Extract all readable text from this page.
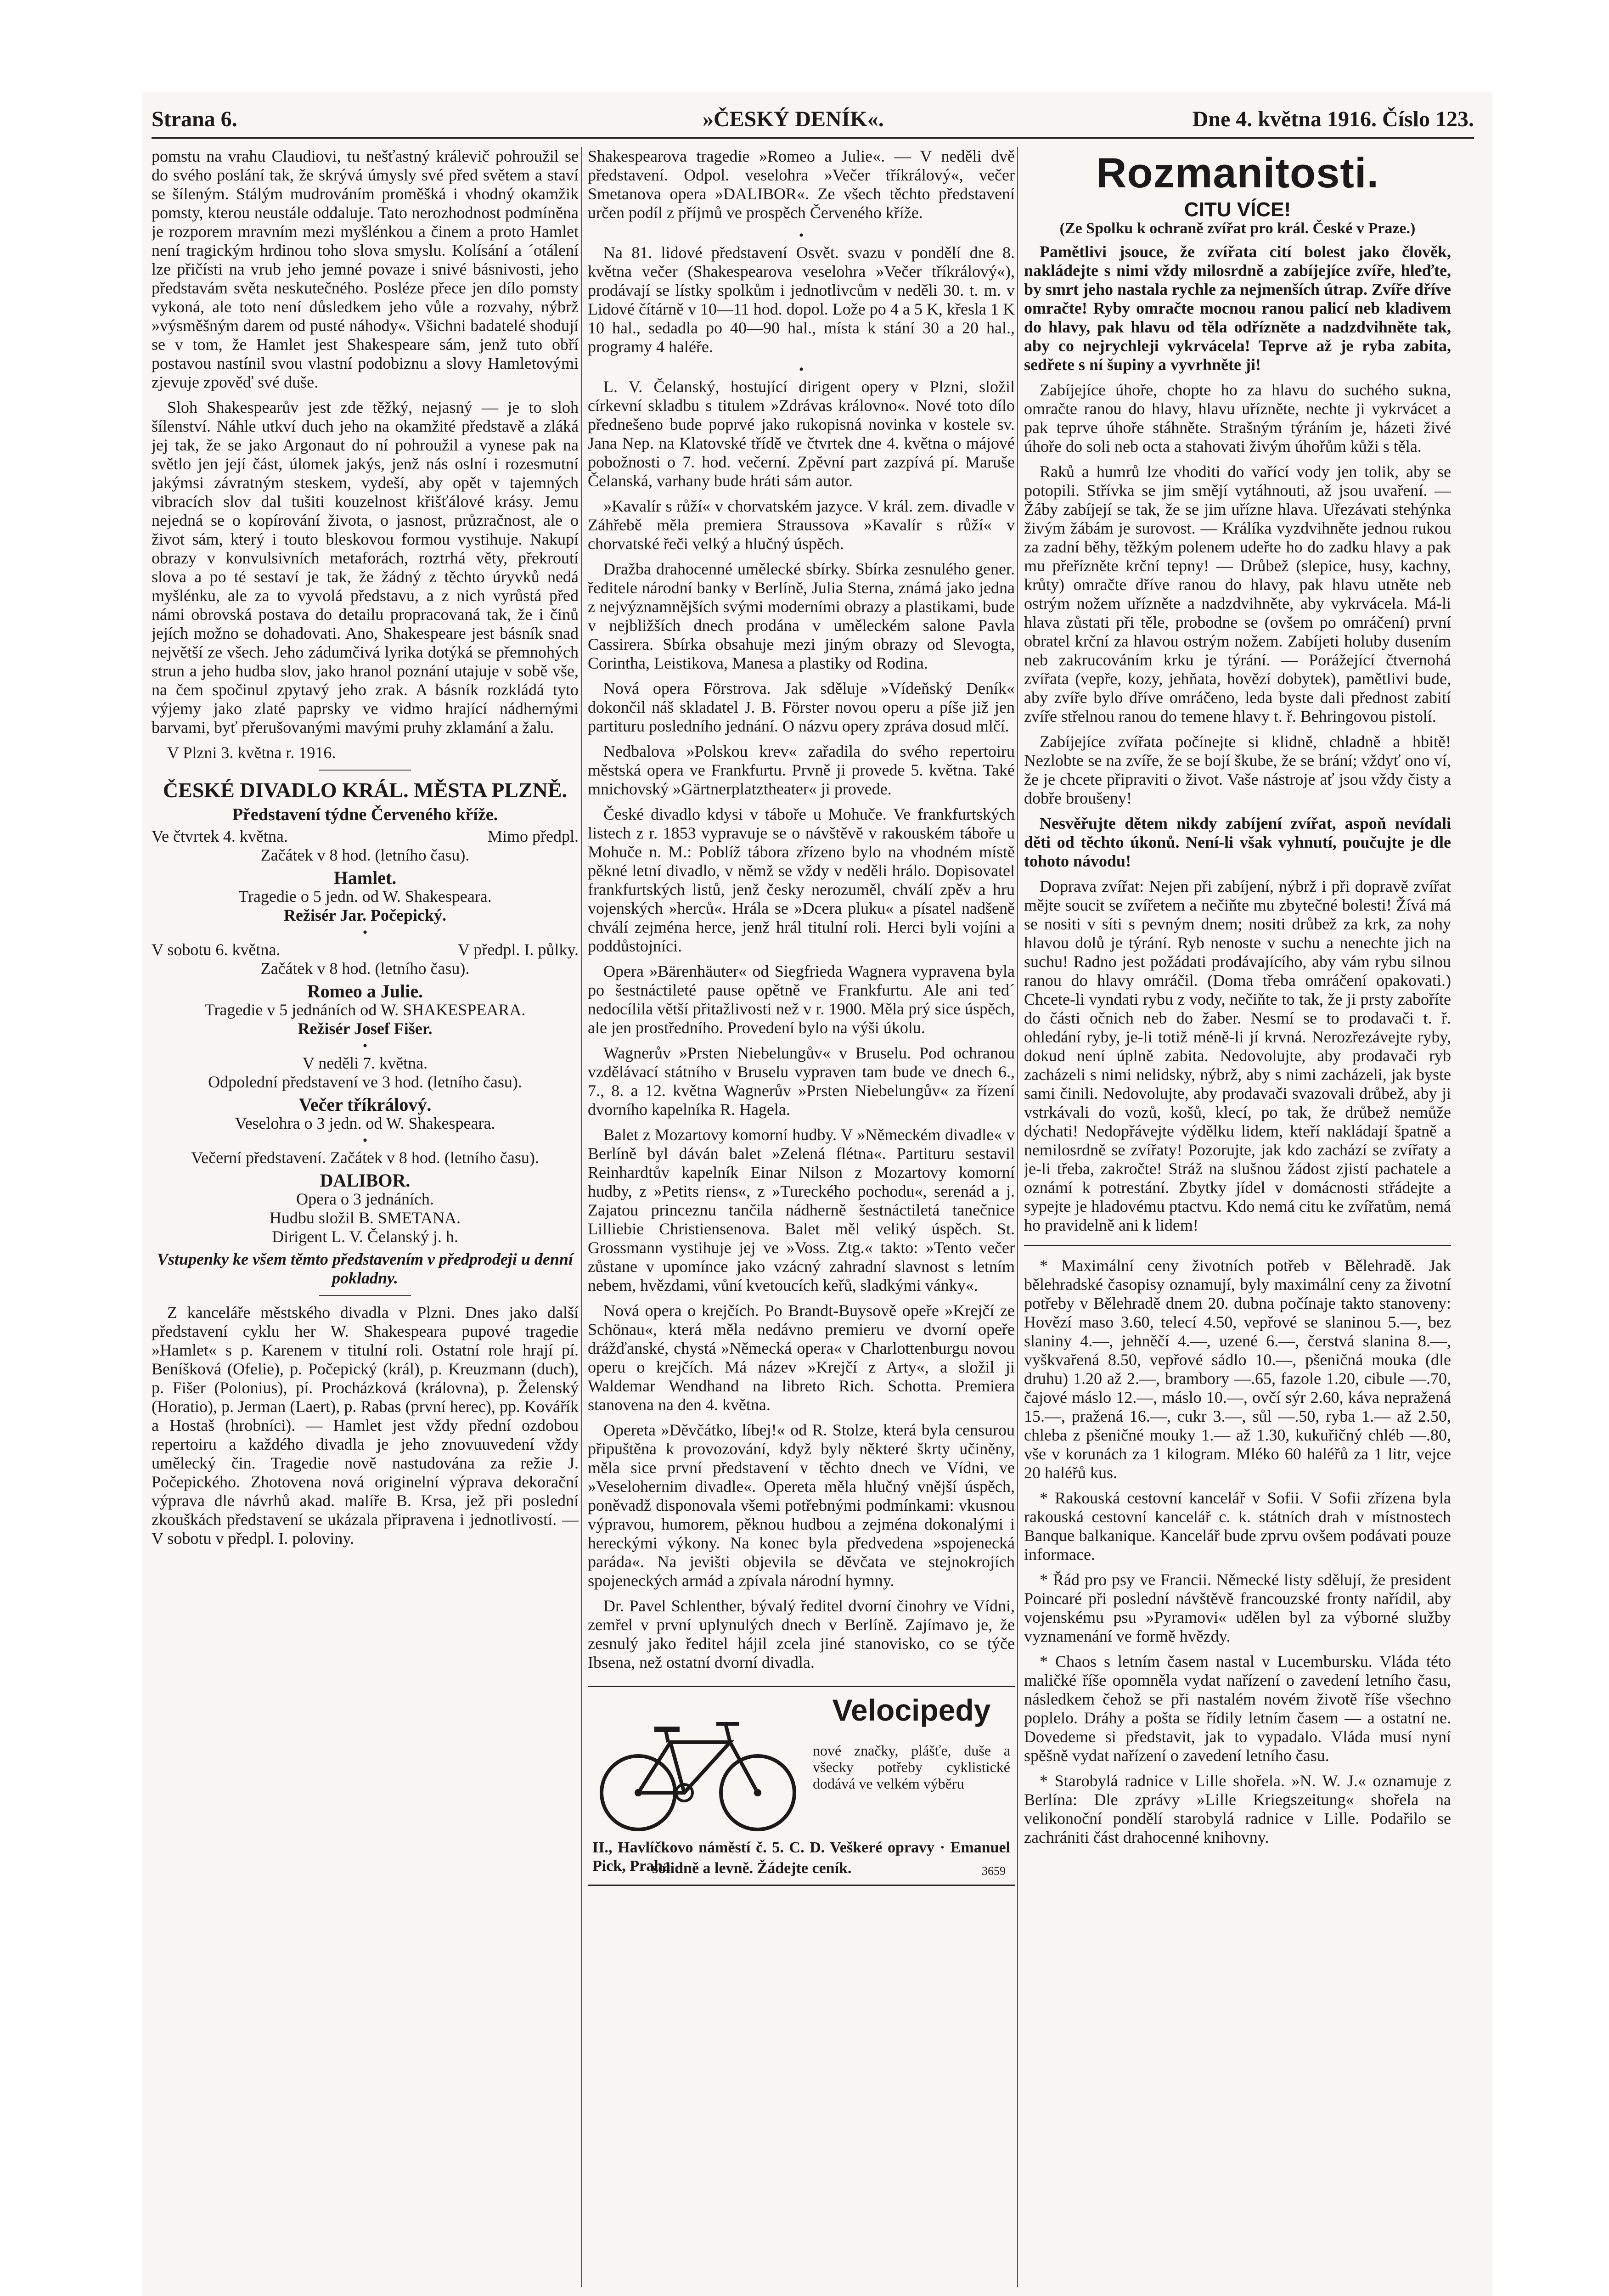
Strana 6.	»ČESKÝ DENÍK«.	Dne 4. května 1916. Číslo 123.

pomstu na vrahu Claudiovi, tu nešťastný králevič pohroužil se do svého poslání tak, že skrývá úmysly své před světem a staví se šíleným. Stálým mudrováním proměšká i vhodný okamžik pomsty, kterou neustále oddaluje. Tato nerozhodnost podmíněna je rozporem mravním mezi myšlénkou a činem a proto Hamlet není tragickým hrdinou toho slova smyslu. Kolísání a ´otálení lze přičísti na vrub jeho jemné povaze i snivé básnivosti, jeho představám světa neskutečného. Posléze přece jen dílo pomsty vykoná, ale toto není důsledkem jeho vůle a rozvahy, nýbrž »výsměšným darem od pusté náhody«. Všichni badatelé shodují se v tom, že Hamlet jest Shakespeare sám, jenž tuto obří postavou nastínil svou vlastní podobiznu a slovy Hamletovými zjevuje zpověď své duše.

Sloh Shakespearův jest zde těžký, nejasný — je to sloh šílenství. Náhle utkví duch jeho na okamžité představě a zláká jej tak, že se jako Argonaut do ní pohroužil a vynese pak na světlo jen její část, úlomek jakýs, jenž nás oslní i rozesmutní jakýmsi závratným steskem, vydeší, aby opět v tajemných vibracích slov dal tušiti kouzelnost křišťálové krásy. Jemu nejedná se o kopírování života, o jasnost, průzračnost, ale o život sám, který i touto bleskovou formou vystihuje. Nakupí obrazy v konvulsivních metaforách, roztrhá věty, překroutí slova a po té sestaví je tak, že žádný z těchto úryvků nedá myšlénku, ale za to vyvolá představu, a z nich vyrůstá před námi obrovská postava do detailu propracovaná tak, že i činů jejích možno se dohadovati. Ano, Shakespeare jest básník snad největší ze všech. Jeho zádumčivá lyrika dotýká se přemnohých strun a jeho hudba slov, jako hranol poznání utajuje v sobě vše, na čem spočinul zpytavý jeho zrak. A básník rozkládá tyto výjemy jako zlaté paprsky ve vidmo hrající nádhernými barvami, byť přerušovanými mavými pruhy zklamání a žalu.

V Plzni 3. května r. 1916.

ČESKÉ DIVADLO KRÁL. MĚSTA PLZNĚ.
Představení týdne Červeného kříže.
Ve čtvrtek 4. května.	Mimo předpl.
Začátek v 8 hod. (letního času).
Hamlet.
Tragedie o 5 jedn. od W. Shakespeara.
Režisér Jar. Počepický.
•
V sobotu 6. května.	V předpl. I. půlky.
Začátek v 8 hod. (letního času).
Romeo a Julie.
Tragedie v 5 jednáních od W. SHAKESPEARA.
Režisér Josef Fišer.
•
V neděli 7. května.
Odpolední představení ve 3 hod. (letního času).
Večer tříkrálový.
Veselohra o 3 jedn. od W. Shakespeara.
•
Večerní představení. Začátek v 8 hod. (letního času).
DALIBOR.
Opera o 3 jednáních.
Hudbu složil B. SMETANA.
Dirigent L. V. Čelanský j. h.
Vstupenky ke všem těmto představením v předprodeji u denní pokladny.

Z kanceláře městského divadla v Plzni. Dnes jako další představení cyklu her W. Shakespeara pupové tragedie »Hamlet« s p. Karenem v titulní roli. Ostatní role hrají pí. Beníšková (Ofelie), p. Počepický (král), p. Kreuzmann (duch), p. Fišer (Polonius), pí. Procházková (královna), p. Želenský (Horatio), p. Jerman (Laert), p. Rabas (první herec), pp. Kovářík a Hostaš (hrobníci). — Hamlet jest vždy přední ozdobou repertoiru a každého divadla je jeho znovuuvedení vždy umělecký čin. Tragedie nově nastudována za režie J. Počepického. Zhotovena nová originelní výprava dekorační výprava dle návrhů akad. malíře B. Krsa, jež při poslední zkouškách představení se ukázala připravena i jednotlivostí. — V sobotu v předpl. I. poloviny.

Shakespearova tragedie »Romeo a Julie«. — V neděli dvě představení. Odpol. veselohra »Večer tříkrálový«, večer Smetanova opera »DALIBOR«. Ze všech těchto představení určen podíl z příjmů ve prospěch Červeného kříže.

•

Na 81. lidové představení Osvět. svazu v pondělí dne 8. května večer (Shakespearova veselohra »Večer tříkrálový«), prodávají se lístky spolkům i jednotlivcům v neděli 30. t. m. v Lidové čítárně v 10—11 hod. dopol. Lože po 4 a 5 K, křesla 1 K 10 hal., sedadla po 40—90 hal., místa k stání 30 a 20 hal., programy 4 haléře.

•

L. V. Čelanský, hostující dirigent opery v Plzni, složil církevní skladbu s titulem »Zdrávas královno«. Nové toto dílo přednešeno bude poprvé jako rukopisná novinka v kostele sv. Jana Nep. na Klatovské třídě ve čtvrtek dne 4. května o májové pobožnosti o 7. hod. večerní. Zpěvní part zazpívá pí. Maruše Čelanská, varhany bude hráti sám autor.

»Kavalír s růží« v chorvatském jazyce. V král. zem. divadle v Záhřebě měla premiera Straussova »Kavalír s růží« v chorvatské řeči velký a hlučný úspěch.

Dražba drahocenné umělecké sbírky. Sbírka zesnulého gener. ředitele národní banky v Berlíně, Julia Sterna, známá jako jedna z nejvýznamnějších svými moderními obrazy a plastikami, bude v nejbližších dnech prodána v uměleckém salone Pavla Cassirera. Sbírka obsahuje mezi jiným obrazy od Slevogta, Corintha, Leistikova, Manesa a plastiky od Rodina.

Nová opera Förstrova. Jak sděluje »Vídeňský Deník« dokončil náš skladatel J. B. Förster novou operu a píše již jen partituru posledního jednání. O názvu opery zpráva dosud mlčí.

Nedbalova »Polskou krev« zařadila do svého repertoiru městská opera ve Frankfurtu. Prvně ji provede 5. května. Také mnichovský »Gärtnerplatztheater« ji provede.

České divadlo kdysi v táboře u Mohuče. Ve frankfurtských listech z r. 1853 vypravuje se o návštěvě v rakouském táboře u Mohuče n. M.: Poblíž tábora zřízeno bylo na vhodném místě pěkné letní divadlo, v němž se vždy v neděli hrálo. Dopisovatel frankfurtských listů, jenž česky nerozuměl, chválí zpěv a hru vojenských »herců«. Hrála se »Dcera pluku« a písatel nadšeně chválí zejména herce, jenž hrál titulní roli. Herci byli vojíni a poddůstojníci.

Opera »Bärenhäuter« od Siegfrieda Wagnera vypravena byla po šestnáctileté pause opětně ve Frankfurtu. Ale ani ted´ nedocílila větší přitažlivosti než v r. 1900. Měla prý sice úspěch, ale jen prostředního. Provedení bylo na výši úkolu.

Wagnerův »Prsten Niebelungův« v Bruselu. Pod ochranou vzdělávací státního v Bruselu vypraven tam bude ve dnech 6., 7., 8. a 12. května Wagnerův »Prsten Niebelungův« za řízení dvorního kapelníka R. Hagela.

Balet z Mozartovy komorní hudby. V »Německém divadle« v Berlíně byl dáván balet »Zelená flétna«. Partituru sestavil Reinhardtův kapelník Einar Nilson z Mozartovy komorní hudby, z »Petits riens«, z »Tureckého pochodu«, serenád a j. Zajatou princeznu tančila nádherně šestnáctiletá tanečnice Lilliebie Christiensenova. Balet měl veliký úspěch. St. Grossmann vystihuje jej ve »Voss. Ztg.« takto: »Tento večer zůstane v upomínce jako vzácný zahradní slavnost s letním nebem, hvězdami, vůní kvetoucích keřů, sladkými vánky«.

Nová opera o krejčích. Po Brandt-Buysově opeře »Krejčí ze Schönau«, která měla nedávno premieru ve dvorní opeře drážďanské, chystá »Německá opera« v Charlottenburgu novou operu o krejčích. Má název »Krejčí z Arty«, a složil ji Waldemar Wendhand na libreto Rich. Schotta. Premiera stanovena na den 4. května.

Opereta »Děvčátko, líbej!« od R. Stolze, která byla censurou připuštěna k provozování, když byly některé škrty učiněny, měla sice první představení v těchto dnech ve Vídni, ve »Veselohernim divadle«. Opereta měla hlučný vnější úspěch, poněvadž disponovala všemi potřebnými podmínkami: vkusnou výpravou, humorem, pěknou hudbou a zejména dokonalými i hereckými výkony. Na konec byla předvedena »spojenecká paráda«. Na jevišti objevila se děvčata ve stejnokrojích spojeneckých armád a zpívala národní hymny.

Dr. Pavel Schlenther, bývalý ředitel dvorní činohry ve Vídni, zemřel v první uplynulých dnech v Berlíně. Zajímavo je, že zesnulý jako ředitel hájil zcela jiné stanovisko, co se týče Ibsena, než ostatní dvorní divadla.

Velocipedy
nové značky, plášťe, duše a všecky potřeby cyklistické dodává ve velkém výběru
II., Havlíčkovo náměstí č. 5. C. D. Veškeré opravy · Emanuel Pick, Praha
solidně a levně. Žádejte ceník.	3659
Rozmanitosti.
CITU VÍCE!
(Ze Spolku k ochraně zvířat pro král. České v Praze.)

Pamětlivi jsouce, že zvířata cití bolest jako člověk, nakládejte s nimi vždy milosrdně a zabíjejíce zvíře, hleďte, by smrt jeho nastala rychle za nejmenších útrap. Zvíře dříve omračte! Ryby omračte mocnou ranou palicí neb kladivem do hlavy, pak hlavu od těla odřízněte a nadzdvihněte tak, aby co nejrychleji vykrvácela! Teprve až je ryba zabita, sedřete s ní šupiny a vyvrhněte ji!

Zabíjejíce úhoře, chopte ho za hlavu do suchého sukna, omračte ranou do hlavy, hlavu uřízněte, nechte ji vykrvácet a pak teprve úhoře stáhněte. Strašným týráním je, házeti živé úhoře do soli neb octa a stahovati živým úhořům kůži s těla.

Raků a humrů lze vhoditi do vařící vody jen tolik, aby se potopili. Střívka se jim smějí vytáhnouti, až jsou uvaření. — Žáby zabíjejí se tak, že se jim uřízne hlava. Uřezávati stehýnka živým žábám je surovost. — Králíka vyzdvihněte jednou rukou za zadní běhy, těžkým polenem udeřte ho do zadku hlavy a pak mu přeřízněte krční tepny! — Drůbež (slepice, husy, kachny, krůty) omračte dříve ranou do hlavy, pak hlavu utněte neb ostrým nožem uřízněte a nadzdvihněte, aby vykrvácela. Má-li hlava zůstati při těle, probodne se (ovšem po omráčení) první obratel krční za hlavou ostrým nožem. Zabíjeti holuby dusením neb zakrucováním krku je týrání. — Porážející čtvernohá zvířata (vepře, kozy, jehňata, hovězí dobytek), pamětlivi bude, aby zvíře bylo dříve omráčeno, leda byste dali přednost zabití zvíře střelnou ranou do temene hlavy t. ř. Behringovou pistolí.

Zabíjejíce zvířata počínejte si klidně, chladně a hbitě! Nezlobte se na zvíře, že se bojí škube, že se brání; vždyť ono ví, že je chcete připraviti o život. Vaše nástroje ať jsou vždy čisty a dobře broušeny!

Nesvěřujte dětem nikdy zabíjení zvířat, aspoň nevídali děti od těchto úkonů. Není-li však vyhnutí, poučujte je dle tohoto návodu!

Doprava zvířat: Nejen při zabíjení, nýbrž i při dopravě zvířat mějte soucit se zvířetem a nečiňte mu zbytečné bolesti! Žívá má se nositi v síti s pevným dnem; nositi drůbež za krk, za nohy hlavou dolů je týrání. Ryb nenoste v suchu a nenechte jich na suchu! Radno jest požádati prodávajícího, aby vám rybu silnou ranou do hlavy omráčil. (Doma třeba omráčení opakovati.) Chcete-li vyndati rybu z vody, nečiňte to tak, že ji prsty zaboříte do části očnich neb do žaber. Nesmí se to prodavači t. ř. ohledání ryby, je-li totiž méně-li jí krvná. Nerozřezávejte ryby, dokud není úplně zabita. Nedovolujte, aby prodavači ryb zacházeli s nimi nelidsky, nýbrž, aby s nimi zacházeli, jak byste sami činili. Nedovolujte, aby prodavači svazovali drůbež, aby ji vstrkávali do vozů, košů, klecí, po tak, že drůbež nemůže dýchati! Nedopřávejte výdělku lidem, kteří nakládají špatně a nemilosrdně se zvířaty! Pozorujte, jak kdo zachází se zvířaty a je-li třeba, zakročte! Stráž na slušnou žádost zjistí pachatele a oznámí k potrestání. Zbytky jídel v domácnosti střádejte a sypejte je hladovému ptactvu. Kdo nemá citu ke zvířatům, nemá ho pravidelně ani k lidem!

* Maximální ceny životních potřeb v Bělehradě. Jak bělehradské časopisy oznamují, byly maximální ceny za životní potřeby v Bělehradě dnem 20. dubna počínaje takto stanoveny: Hovězí maso 3.60, telecí 4.50, vepřové se slaninou 5.—, bez slaniny 4.—, jehněčí 4.—, uzené 6.—, čerstvá slanina 8.—, vyškvařená 8.50, vepřové sádlo 10.—, pšeničná mouka (dle druhu) 1.20 až 2.—, brambory —.65, fazole 1.20, cibule —.70, čajové máslo 12.—, máslo 10.—, ovčí sýr 2.60, káva nepražená 15.—, pražená 16.—, cukr 3.—, sůl —.50, ryba 1.— až 2.50, chleba z pšeničné mouky 1.— až 1.30, kukuřičný chléb —.80, vše v korunách za 1 kilogram. Mléko 60 haléřů za 1 litr, vejce 20 haléřů kus.

* Rakouská cestovní kancelář v Sofii. V Sofii zřízena byla rakouská cestovní kancelář c. k. státních drah v místnostech Banque balkanique. Kancelář bude zprvu ovšem podávati pouze informace.

* Řád pro psy ve Francii. Německé listy sdělují, že president Poincaré při poslední návštěvě francouzské fronty nařídil, aby vojenskému psu »Pyramovi« udělen byl za výborné služby vyznamenání ve formě hvězdy.

* Chaos s letním časem nastal v Lucembursku. Vláda této maličké říše opomněla vydat nařízení o zavedení letního času, následkem čehož se při nastalém novém životě říše všechno poplelo. Dráhy a pošta se řídily letním časem — a ostatní ne. Dovedeme si představit, jak to vypadalo. Vláda musí nyní spěšně vydat nařízení o zavedení letního času.

* Starobylá radnice v Lille shořela. »N. W. J.« oznamuje z Berlína: Dle zprávy »Lille Kriegszeitung« shořela na velikonoční pondělí starobylá radnice v Lille. Podařilo se zachrániti část drahocenné knihovny.
